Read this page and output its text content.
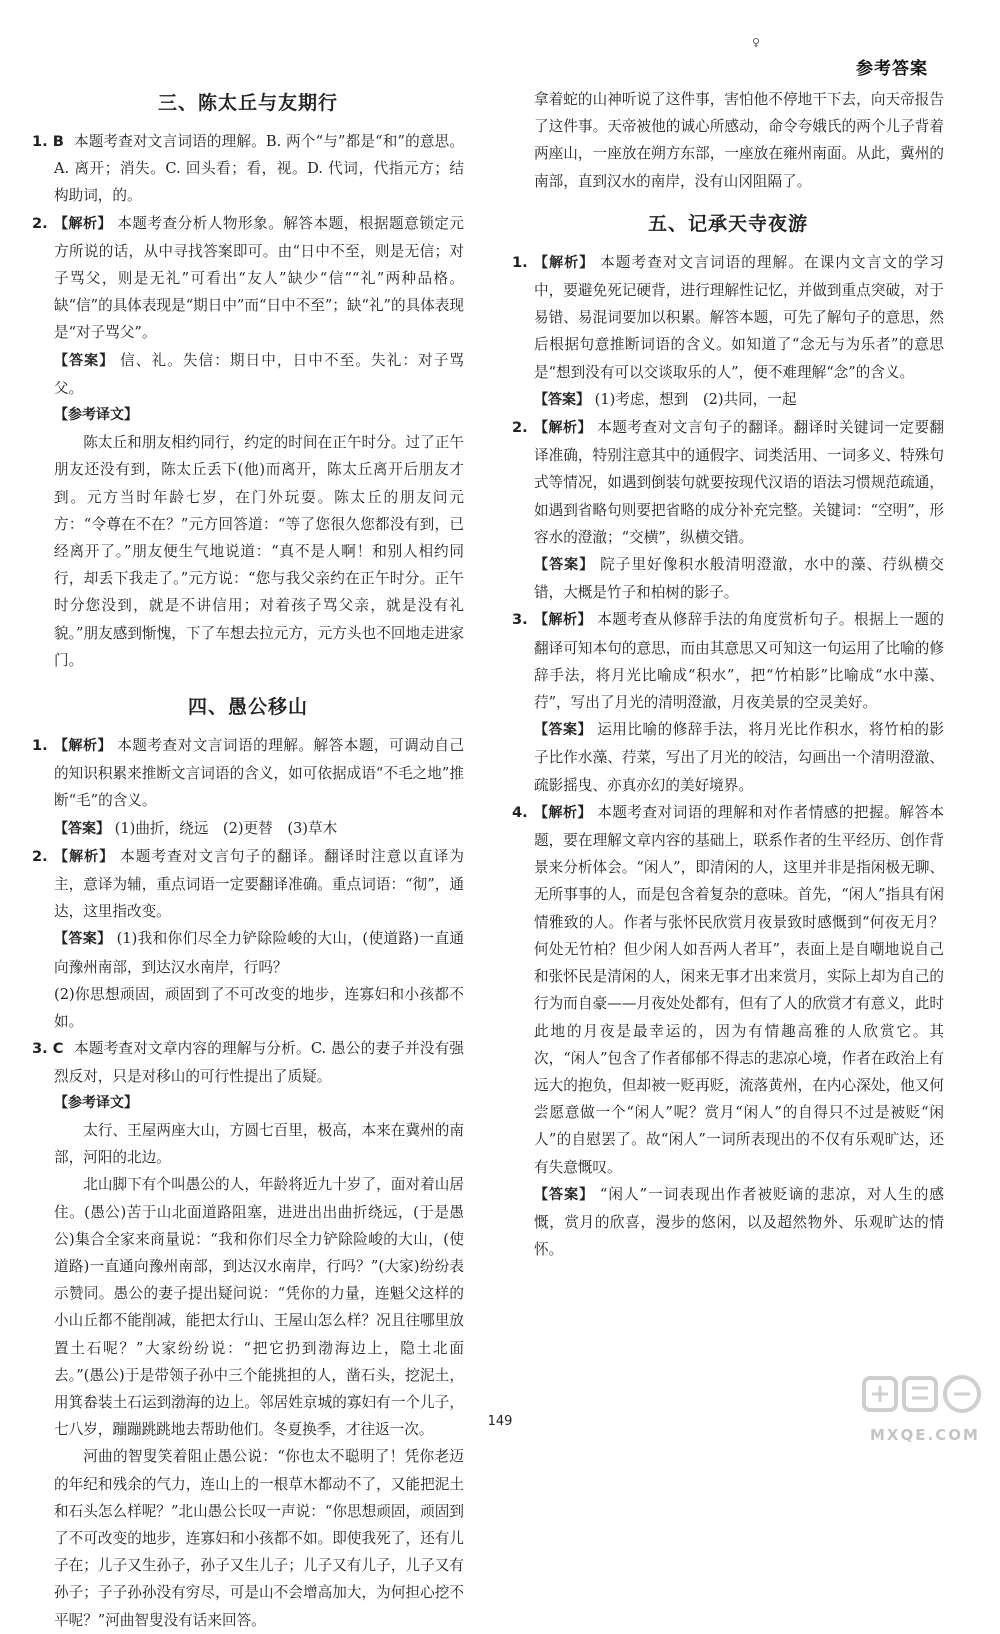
♀
参考答案
三、陈太丘与友期行

1. B 本题考查对文言词语的理解。B. 两个“与”都是“和”的意思。A. 离开；消失。C. 回头看；看，视。D. 代词，代指元方；结构助词，的。

2. 【 解析 】 本题考查分析人物形象。解答本题，根据题意锁定元方所说的话，从中寻找答案即可。由“日中不至，则是无信；对子骂父，则是无礼”可看出“友人”缺少“信”“礼”两种品格。缺“信”的具体表现是“期日中”而“日中不至”；缺“礼”的具体表现是“对子骂父”。

【 答案 】 信、礼。失信：期日中，日中不至。失礼：对子骂父。

【 参考译文 】

陈太丘和朋友相约同行，约定的时间在正午时分。过了正午朋友还没有到，陈太丘丢下(他)而离开，陈太丘离开后朋友才到。元方当时年龄七岁，在门外玩耍。陈太丘的朋友问元方：“令尊在不在？”元方回答道：“等了您很久您都没有到，已经离开了。”朋友便生气地说道：“真不是人啊！和别人相约同行，却丢下我走了。”元方说：“您与我父亲约在正午时分。正午时分您没到，就是不讲信用；对着孩子骂父亲，就是没有礼貌。”朋友感到惭愧，下了车想去拉元方，元方头也不回地走进家门。

四、愚公移山

1. 【 解析 】 本题考查对文言词语的理解。解答本题，可调动自己的知识积累来推断文言词语的含义，如可依据成语“不毛之地”推断“毛”的含义。

【 答案 】 (1)曲折，绕远　(2)更替　(3)草木

2. 【 解析 】 本题考查对文言句子的翻译。翻译时注意以直译为主，意译为辅，重点词语一定要翻译准确。重点词语：“彻”，通达，这里指改变。

【 答案 】 (1)我和你们尽全力铲除险峻的大山，(使道路)一直通向豫州南部，到达汉水南岸，行吗？

(2)你思想顽固，顽固到了不可改变的地步，连寡妇和小孩都不如。

3. C 本题考查对文章内容的理解与分析。C. 愚公的妻子并没有强烈反对，只是对移山的可行性提出了质疑。

【 参考译文 】

太行、王屋两座大山，方圆七百里，极高，本来在冀州的南部，河阳的北边。

北山脚下有个叫愚公的人，年龄将近九十岁了，面对着山居住。(愚公)苦于山北面道路阻塞，进进出出曲折绕远，(于是愚公)集合全家来商量说：“我和你们尽全力铲除险峻的大山，(使道路)一直通向豫州南部，到达汉水南岸，行吗？”(大家)纷纷表示赞同。愚公的妻子提出疑问说：“凭你的力量，连魁父这样的小山丘都不能削减，能把太行山、王屋山怎么样？况且往哪里放置土石呢？”大家纷纷说：“把它扔到渤海边上，隐土北面去。”(愚公)于是带领子孙中三个能挑担的人，凿石头，挖泥土，用箕畚装土石运到渤海的边上。邻居姓京城的寡妇有一个儿子，七八岁，蹦蹦跳跳地去帮助他们。冬夏换季，才往返一次。

河曲的智叟笑着阻止愚公说：“你也太不聪明了！凭你老迈的年纪和残余的气力，连山上的一根草木都动不了，又能把泥土和石头怎么样呢？”北山愚公长叹一声说：“你思想顽固，顽固到了不可改变的地步，连寡妇和小孩都不如。即使我死了，还有儿子在；儿子又生孙子，孙子又生儿子；儿子又有儿子，儿子又有孙子；子子孙孙没有穷尽，可是山不会增高加大，为何担心挖不平呢？”河曲智叟没有话来回答。

拿着蛇的山神听说了这件事，害怕他不停地干下去，向天帝报告了这件事。天帝被他的诚心所感动，命令夸娥氏的两个儿子背着两座山，一座放在朔方东部，一座放在雍州南面。从此，冀州的南部，直到汉水的南岸，没有山冈阻隔了。

五、记承天寺夜游

1. 【 解析 】 本题考查对文言词语的理解。在课内文言文的学习中，要避免死记硬背，进行理解性记忆，并做到重点突破，对于易错、易混词要加以积累。解答本题，可先了解句子的意思，然后根据句意推断词语的含义。如知道了“念无与为乐者”的意思是“想到没有可以交谈取乐的人”，便不难理解“念”的含义。

【 答案 】 (1)考虑，想到　(2)共同，一起

2. 【 解析 】 本题考查对文言句子的翻译。翻译时关键词一定要翻译准确，特别注意其中的通假字、词类活用、一词多义、特殊句式等情况，如遇到倒装句就要按现代汉语的语法习惯规范疏通，如遇到省略句则要把省略的成分补充完整。关键词：“空明”，形容水的澄澈；“交横”，纵横交错。

【 答案 】 院子里好像积水般清明澄澈，水中的藻、荇纵横交错，大概是竹子和柏树的影子。

3. 【 解析 】 本题考查从修辞手法的角度赏析句子。根据上一题的翻译可知本句的意思，而由其意思又可知这一句运用了比喻的修辞手法，将月光比喻成“积水”，把“竹柏影”比喻成“水中藻、荇”，写出了月光的清明澄澈，月夜美景的空灵美好。

【 答案 】 运用比喻的修辞手法，将月光比作积水，将竹柏的影子比作水藻、荇菜，写出了月光的皎洁，勾画出一个清明澄澈、疏影摇曳、亦真亦幻的美好境界。

4. 【 解析 】 本题考查对词语的理解和对作者情感的把握。解答本题，要在理解文章内容的基础上，联系作者的生平经历、创作背景来分析体会。“闲人”，即清闲的人，这里并非是指闲极无聊、无所事事的人，而是包含着复杂的意味。首先，“闲人”指具有闲情雅致的人。作者与张怀民欣赏月夜景致时感慨到“何夜无月？何处无竹柏？但少闲人如吾两人者耳”，表面上是自嘲地说自己和张怀民是清闲的人，闲来无事才出来赏月，实际上却为自己的行为而自豪——月夜处处都有，但有了人的欣赏才有意义，此时此地的月夜是最幸运的，因为有情趣高雅的人欣赏它。其次，“闲人”包含了作者郁郁不得志的悲凉心境，作者在政治上有远大的抱负，但却被一贬再贬，流落黄州，在内心深处，他又何尝愿意做一个“闲人”呢？赏月“闲人”的自得只不过是被贬“闲人”的自慰罢了。故“闲人”一词所表现出的不仅有乐观旷达，还有失意慨叹。

【 答案 】 “闲人”一词表现出作者被贬谪的悲凉，对人生的感慨，赏月的欣喜，漫步的悠闲，以及超然物外、乐观旷达的情怀。

149
MXQE.COM
